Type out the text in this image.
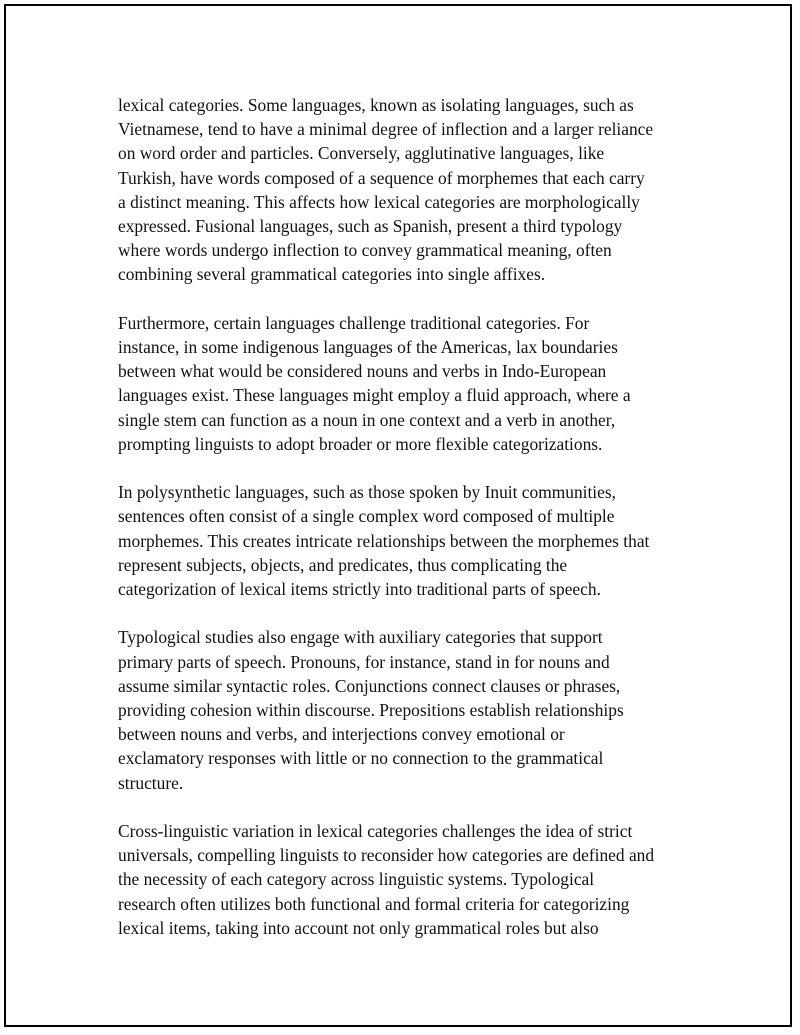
lexical categories. Some languages, known as isolating languages, such as
Vietnamese, tend to have a minimal degree of inflection and a larger reliance
on word order and particles. Conversely, agglutinative languages, like
Turkish, have words composed of a sequence of morphemes that each carry
a distinct meaning. This affects how lexical categories are morphologically
expressed. Fusional languages, such as Spanish, present a third typology
where words undergo inflection to convey grammatical meaning, often
combining several grammatical categories into single affixes.

Furthermore, certain languages challenge traditional categories. For
instance, in some indigenous languages of the Americas, lax boundaries
between what would be considered nouns and verbs in Indo-European
languages exist. These languages might employ a fluid approach, where a
single stem can function as a noun in one context and a verb in another,
prompting linguists to adopt broader or more flexible categorizations.

In polysynthetic languages, such as those spoken by Inuit communities,
sentences often consist of a single complex word composed of multiple
morphemes. This creates intricate relationships between the morphemes that
represent subjects, objects, and predicates, thus complicating the
categorization of lexical items strictly into traditional parts of speech.

Typological studies also engage with auxiliary categories that support
primary parts of speech. Pronouns, for instance, stand in for nouns and
assume similar syntactic roles. Conjunctions connect clauses or phrases,
providing cohesion within discourse. Prepositions establish relationships
between nouns and verbs, and interjections convey emotional or
exclamatory responses with little or no connection to the grammatical
structure.

Cross-linguistic variation in lexical categories challenges the idea of strict
universals, compelling linguists to reconsider how categories are defined and
the necessity of each category across linguistic systems. Typological
research often utilizes both functional and formal criteria for categorizing
lexical items, taking into account not only grammatical roles but also
